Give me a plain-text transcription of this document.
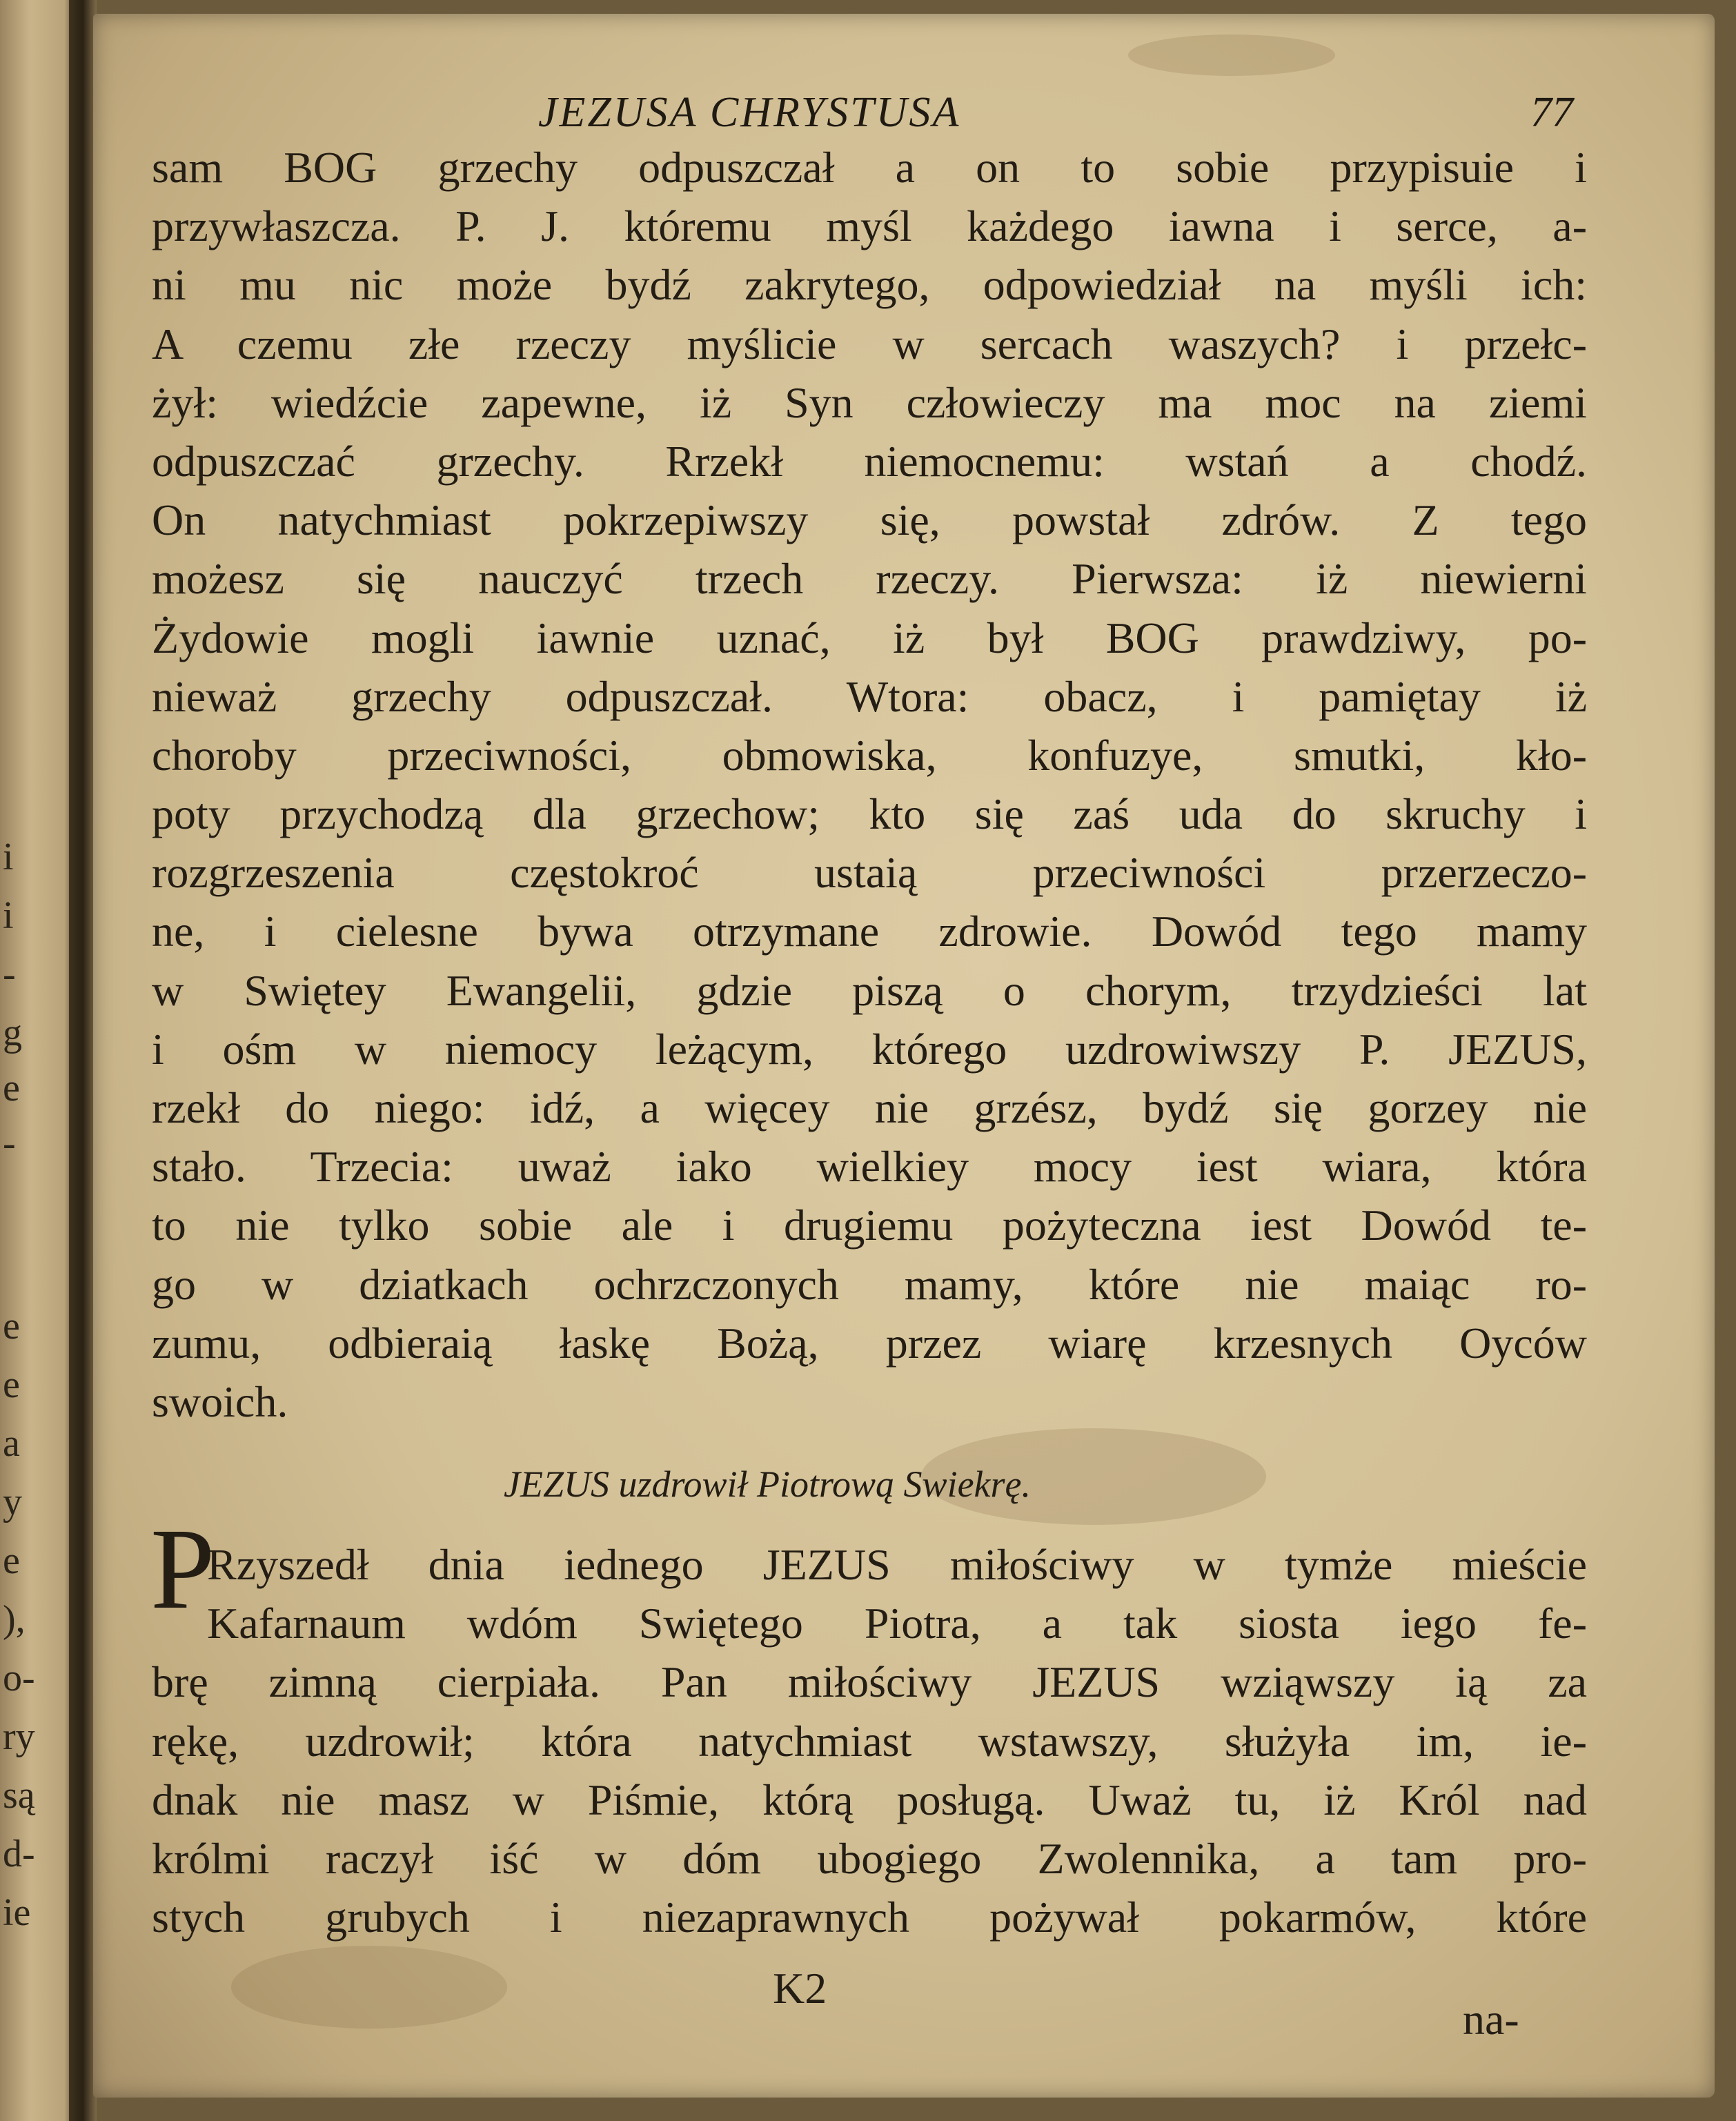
i
i
-
g
e
-
e
e
a
y
e
),
o-
ry
są
d-
ie
JEZUSA CHRYSTUSA	77
sam BOG grzechy odpuszczał a on to sobie przypisuie i
przywłaszcza. P. J. któremu myśl każdego iawna i serce, a-
ni mu nic może bydź zakrytego, odpowiedział na myśli ich:
A czemu złe rzeczy myślicie w sercach waszych? i przełc-
żył: wiedźcie zapewne, iż Syn człowieczy ma moc na ziemi
odpuszczać grzechy. Rrzekł niemocnemu: wstań a chodź.
On natychmiast pokrzepiwszy się, powstał zdrów. Z tego
możesz się nauczyć trzech rzeczy. Pierwsza: iż niewierni
Żydowie mogli iawnie uznać, iż był BOG prawdziwy, po-
nieważ grzechy odpuszczał. Wtora: obacz, i pamiętay iż
choroby przeciwności, obmowiska, konfuzye, smutki, kło-
poty przychodzą dla grzechow; kto się zaś uda do skruchy i
rozgrzeszenia częstokroć ustaią przeciwności przerzeczo-
ne, i cielesne bywa otrzymane zdrowie. Dowód tego mamy
w Swiętey Ewangelii, gdzie piszą o chorym, trzydzieści lat
i ośm w niemocy leżącym, którego uzdrowiwszy P. JEZUS,
rzekł do niego: idź, a więcey nie grzész, bydź się gorzey nie
stało. Trzecia: uważ iako wielkiey mocy iest wiara, która
to nie tylko sobie ale i drugiemu pożyteczna iest Dowód te-
go w dziatkach ochrzczonych mamy, które nie maiąc ro-
zumu, odbieraią łaskę Bożą, przez wiarę krzesnych Oyców
swoich.
JEZUS uzdrowił Piotrową Swiekrę.
P
Rzyszedł dnia iednego JEZUS miłościwy w tymże mieście
Kafarnaum wdóm Swiętego Piotra, a tak siosta iego fe-
brę zimną cierpiała. Pan miłościwy JEZUS wziąwszy ią za
rękę, uzdrowił; która natychmiast wstawszy, służyła im, ie-
dnak nie masz w Piśmie, którą posługą. Uważ tu, iż Król nad
królmi raczył iść w dóm ubogiego Zwolennika, a tam pro-
stych grubych i niezaprawnych pożywał pokarmów, które
K2
na-
